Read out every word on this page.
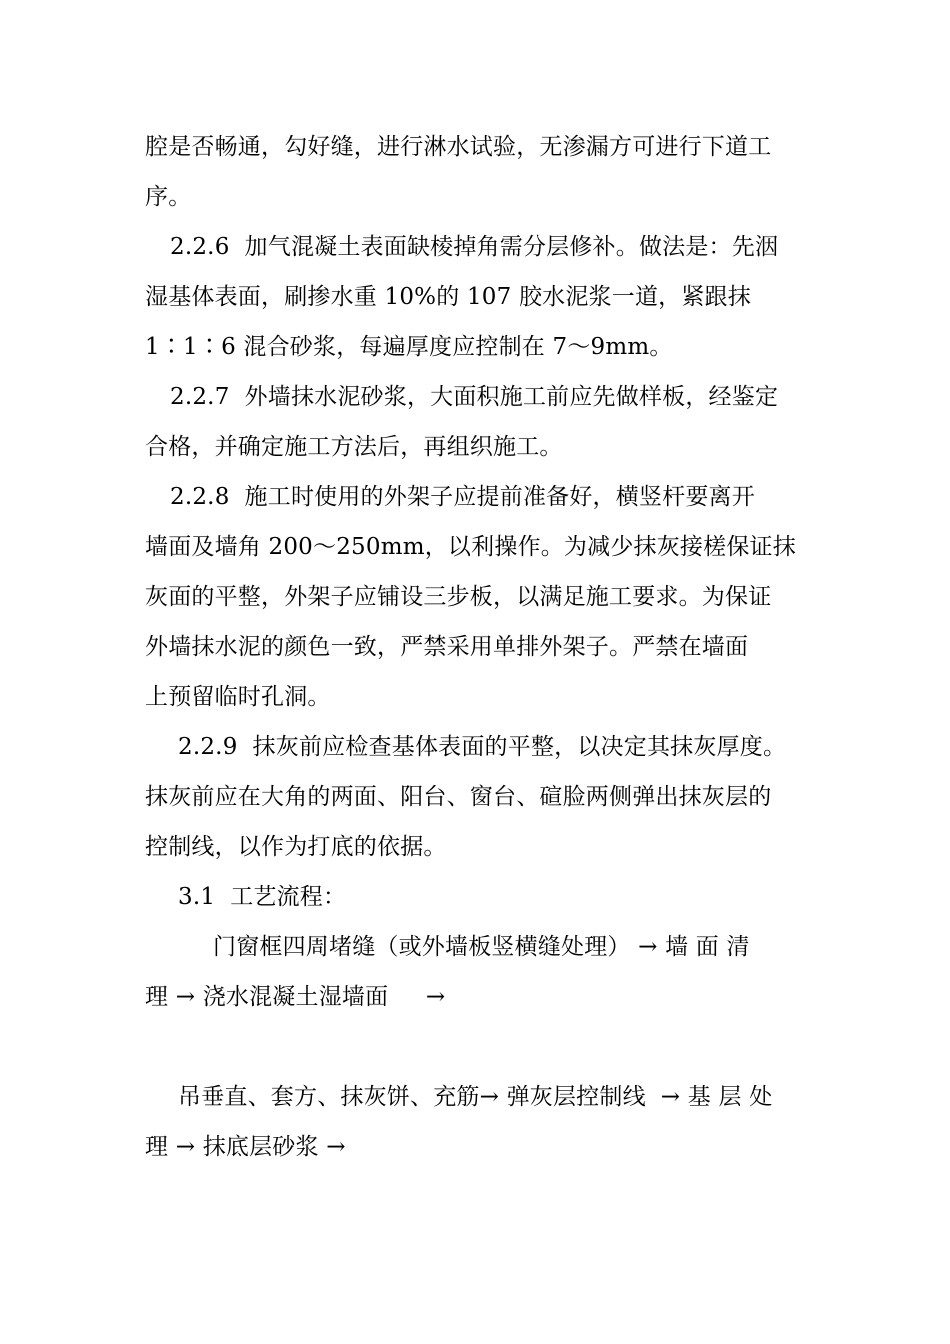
腔是否畅通，勾好缝，进行淋水试验，无渗漏方可进行下道工
序。
2.2.6  加气混凝土表面缺棱掉角需分层修补。做法是：先洇
湿基体表面，刷掺水重 10%的 107 胶水泥浆一道，紧跟抹
1∶1∶6 混合砂浆，每遍厚度应控制在 7～9mm。
2.2.7  外墙抹水泥砂浆，大面积施工前应先做样板，经鉴定
合格，并确定施工方法后，再组织施工。
2.2.8  施工时使用的外架子应提前准备好，横竖杆要离开
墙面及墙角 200～250mm，以利操作。为减少抹灰接槎保证抹
灰面的平整，外架子应铺设三步板，以满足施工要求。为保证
外墙抹水泥的颜色一致，严禁采用单排外架子。严禁在墙面
上预留临时孔洞。
2.2.9  抹灰前应检查基体表面的平整，以决定其抹灰厚度。
抹灰前应在大角的两面、阳台、窗台、碹脸两侧弹出抹灰层的
控制线，以作为打底的依据。
3.1  工艺流程：
门窗框四周堵缝（或外墙板竖横缝处理） → 墙 面 清
理 → 浇水混凝土湿墙面     →
吊垂直、套方、抹灰饼、充筋→ 弹灰层控制线  → 基 层 处
理 → 抹底层砂浆 →
